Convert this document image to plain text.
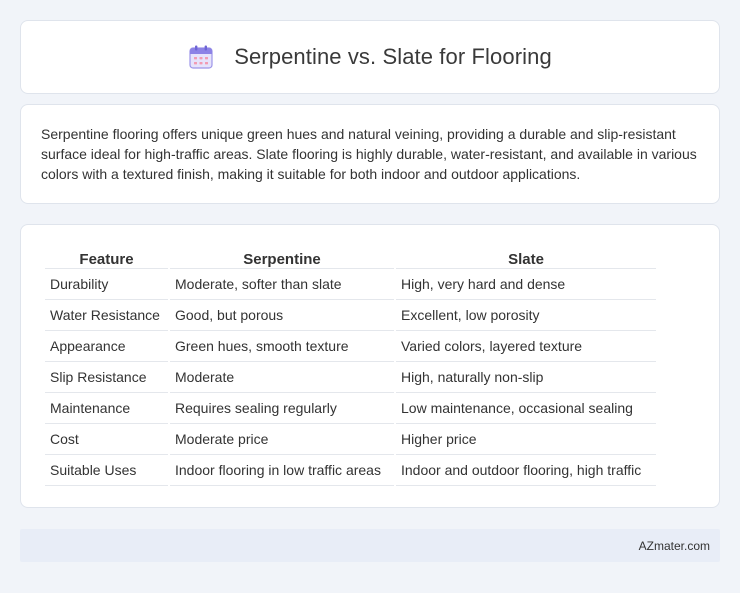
Serpentine vs. Slate for Flooring

Serpentine flooring offers unique green hues and natural veining, providing a durable and slip-resistant surface ideal for high-traffic areas. Slate flooring is highly durable, water-resistant, and available in various colors with a textured finish, making it suitable for both indoor and outdoor applications.

Feature	Serpentine	Slate
Durability	Moderate, softer than slate	High, very hard and dense
Water Resistance	Good, but porous	Excellent, low porosity
Appearance	Green hues, smooth texture	Varied colors, layered texture
Slip Resistance	Moderate	High, naturally non-slip
Maintenance	Requires sealing regularly	Low maintenance, occasional sealing
Cost	Moderate price	Higher price
Suitable Uses	Indoor flooring in low traffic areas	Indoor and outdoor flooring, high traffic
AZmater.com
